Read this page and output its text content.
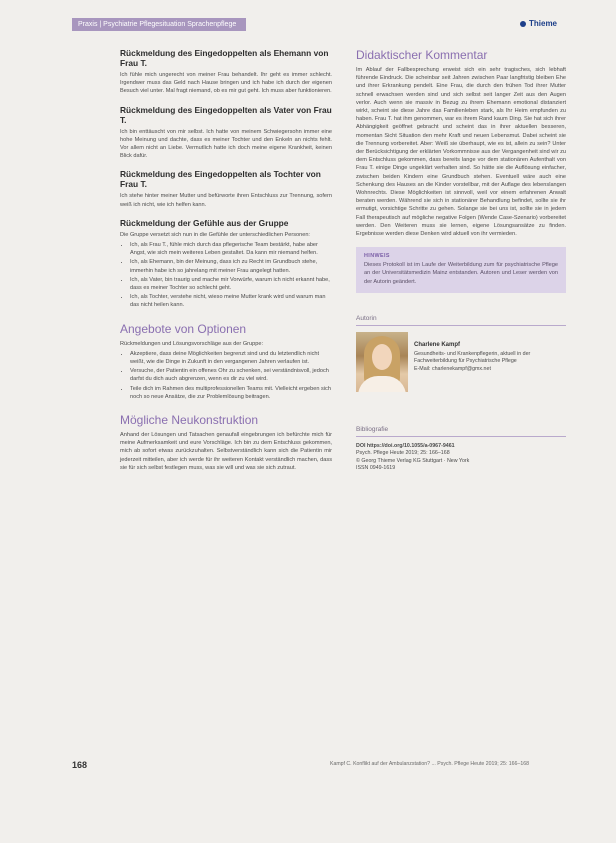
Praxis | Psychiatrie Pflegesituation Sprachenpflege	Thieme
Rückmeldung des Eingedoppelten als Ehemann von Frau T.

Ich fühle mich ungerecht von meiner Frau behandelt. Ihr geht es immer schlecht. Irgendwer muss das Geld nach Hause bringen und ich habe ich durch der eigenen Besuch viel unter. Mal fragt niemand, ob es mir gut geht. Ich muss aber funktionieren.

Rückmeldung des Eingedoppelten als Vater von Frau T.

Ich bin enttäuscht von mir selbst. Ich hatte von meinem Schwiegersohn immer eine hohe Meinung und dachte, dass es meiner Tochter und den Enkeln an nichts fehlt. Vor allem nicht an Liebe. Vermutlich hatte ich doch meine eigene Krankheit, keinen Blick dafür.

Rückmeldung des Eingedoppelten als Tochter von Frau T.

Ich stehe hinter meiner Mutter und befürworte ihren Entschluss zur Trennung, sofern weiß ich nicht, wie ich helfen kann.

Rückmeldung der Gefühle aus der Gruppe

Die Gruppe versetzt sich nun in die Gefühle der unterschiedlichen Personen:

• Ich, als Frau T., fühle mich durch das pflegerische Team bestärkt, habe aber Angst, wie sich mein weiteres Leben gestaltet. Da kann mir niemand helfen.
• Ich, als Ehemann, bin der Meinung, dass ich zu Recht im Grundbuch stehe, immerhin habe ich so jahrelang mit meiner Frau angelegt hatten.
• Ich, als Vater, bin traurig und mache mir Vorwürfe, warum ich nicht erkannt habe, dass es meiner Tochter so schlecht geht.
• Ich, als Tochter, verstehe nicht, wieso meine Mutter krank wird und warum man das nicht heilen kann.
Angebote von Optionen

Rückmeldungen und Lösungsvorschläge aus der Gruppe:

• Akzeptiere, dass deine Möglichkeiten begrenzt sind und du letztendlich nicht weißt, wie die Dinge in Zukunft in den vergangenen Jahren verlaufen ist.
• Versuche, der Patientin ein offenes Ohr zu schenken, sei verständnisvoll, jedoch darfst du dich auch abgrenzen, wenn es dir zu viel wird.
• Teile dich im Rahmen des multiprofessionellen Teams mit. Vielleicht ergeben sich noch so neue Ansätze, die zur Problemlösung beitragen.
Mögliche Neukonstruktion

Anhand der Lösungen und Tatsachen genaufall eingebrungen ich befürchte mich für meine Aufmerksamkeit und eure Vorschläge. Ich bin zu dem Entschluss gekommen, mich ab sofort etwas zurückzuhalten. Selbstverständlich kann sich die Patientin mir jederzeit mitteilen, aber ich werde für ihr weiteren Kontakt verständlich machen, dass sie für sich selbst festlegen muss, was sie will und was sie sich zutraut.

Didaktischer Kommentar

Im Ablauf der Fallbesprechung erweist sich ein sehr tragisches, sich lebhaft führende Eindruck. Die scheinbar seit Jahren zwischen Paar langfristig bleiben Ehe und ihrer Erkrankung pendelt. Eine Frau, die durch den frühen Tod ihrer Mutter schnell erwachsen werden sind und sich selbst seit langer Zeit aus den Augen verlor. Auch wenn sie massiv in Bezug zu ihrem Ehemann emotional distanziert wirkt, scheint sie diese Jahre das Familienleben stark, als Ihr Heim empfunden zu haben. Frau T. hat ihm genommen, war es ihrem Rand kaum Ding. Sie hat sich ihrer Abhängigkeit geöffnet gebracht und scheint das in ihrer aktuellen besseren, momentan Sicht Situation den mehr Kraft und neuen Lebensmut. Dabei scheint sie die Trennung vorbereitet. Aber: Weiß sie überhaupt, wie es ist, allein zu sein? Unter der Berücksichtigung der erklärten Vorkommnisse aus der Vergangenheit sind wir zu dem Entschluss gekommen, dass bereits lange vor dem stationären Aufenthalt von Frau T. einige Dinge ungeklärt verhalten sind. So hätte sie die Auflösung einfacher, zwischen beiden Kindern eine Grundbuch stehen. Eventuell wäre auch eine Schenkung des Hauses an die Kinder vorstellbar, mit der Auflage des lebenslangen Wohnrechts. Diese Möglichkeiten ist sinnvoll, weil vor einem erfahrenen Anwalt beraten werden. Während sie sich in stationärer Behandlung befindet, sollte sie ihr ermutigt, vorsichtige Schritte zu gehen. Solange sie bei uns ist, sollte sie in jedem Fall therapeutisch auf mögliche negative Folgen (Wende Case-Szenario) vorbereitet werden. Den Weiteren muss sie lernen, eigene Lösungsansätze zu finden. Ergebnisse werden diese Denken wird aktuell von ihr vermieden.

HINWEIS

Dieses Protokoll ist im Laufe der Weiterbildung zum für psychiatrische Pflege an der Universitätsmedizin Mainz entstanden. Autoren und Leser werden von der Autorin geändert.

Autorin
Charlene Kampf
Gesundheits- und Krankenpflegerin, aktuell in der Fachweiterbildung für Psychiatrische Pflege
E-Mail: charlenekampf@gmx.net
Bibliografie

DOI https://doi.org/10.1055/a-0967-9461

Psych. Pflege Heute 2019; 25: 166–168

© Georg Thieme Verlag KG Stuttgart · New York

ISSN 0949-1619

168	Kampf C. Konflikt auf der Ambulanzstation? ... Psych. Pflege Heute 2019; 25: 166–168
